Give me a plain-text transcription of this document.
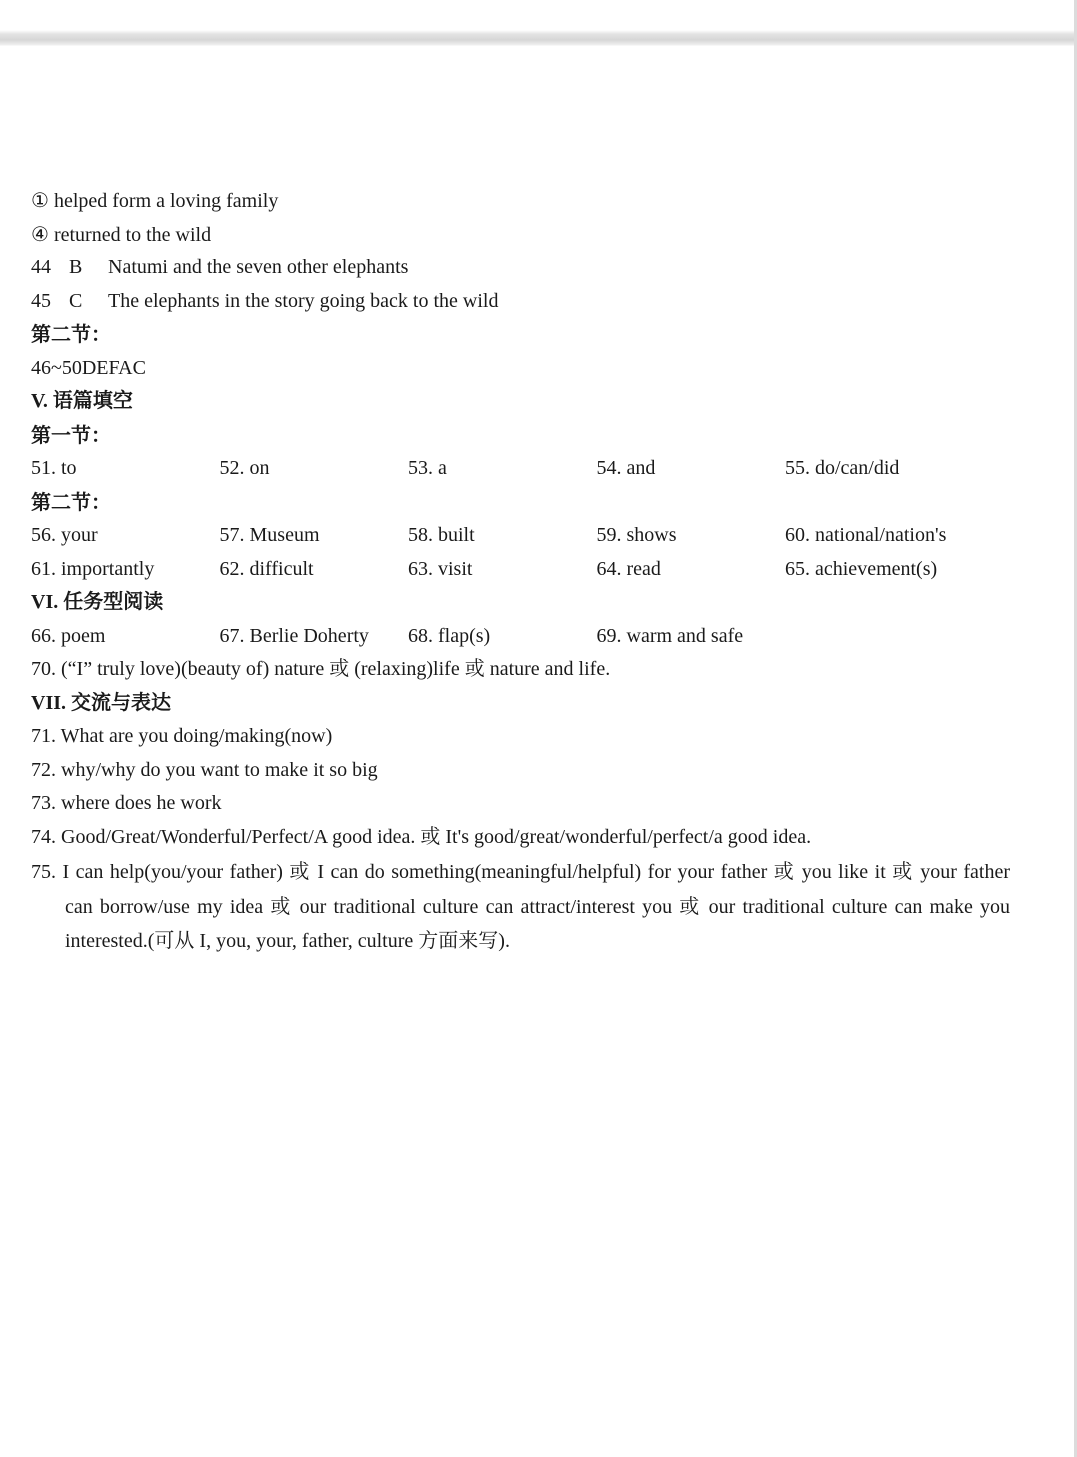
① helped form a loving family
④ returned to the wild
44 B Natumi and the seven other elephants
45 C The elephants in the story going back to the wild
第二节：
46~50DEFAC
V. 语篇填空
第一节：
51. to	52. on	53. a	54. and	55. do/can/did
第二节：
56. your	57. Museum	58. built	59. shows	60. national/nation's
61. importantly	62. difficult	63. visit	64. read	65. achievement(s)
VI. 任务型阅读
66. poem	67. Berlie Doherty	68. flap(s)	69. warm and safe
70. (“I” truly love)(beauty of) nature 或 (relaxing)life 或 nature and life.
VII. 交流与表达
71. What are you doing/making(now)
72. why/why do you want to make it so big
73. where does he work
74. Good/Great/Wonderful/Perfect/A good idea. 或 It's good/great/wonderful/perfect/a good idea.
75. I can help(you/your father) 或 I can do something(meaningful/helpful) for your father 或 you like it 或 your father can borrow/use my idea 或 our traditional culture can attract/interest you 或 our traditional culture can make you interested.(可从 I, you, your, father, culture 方面来写).
